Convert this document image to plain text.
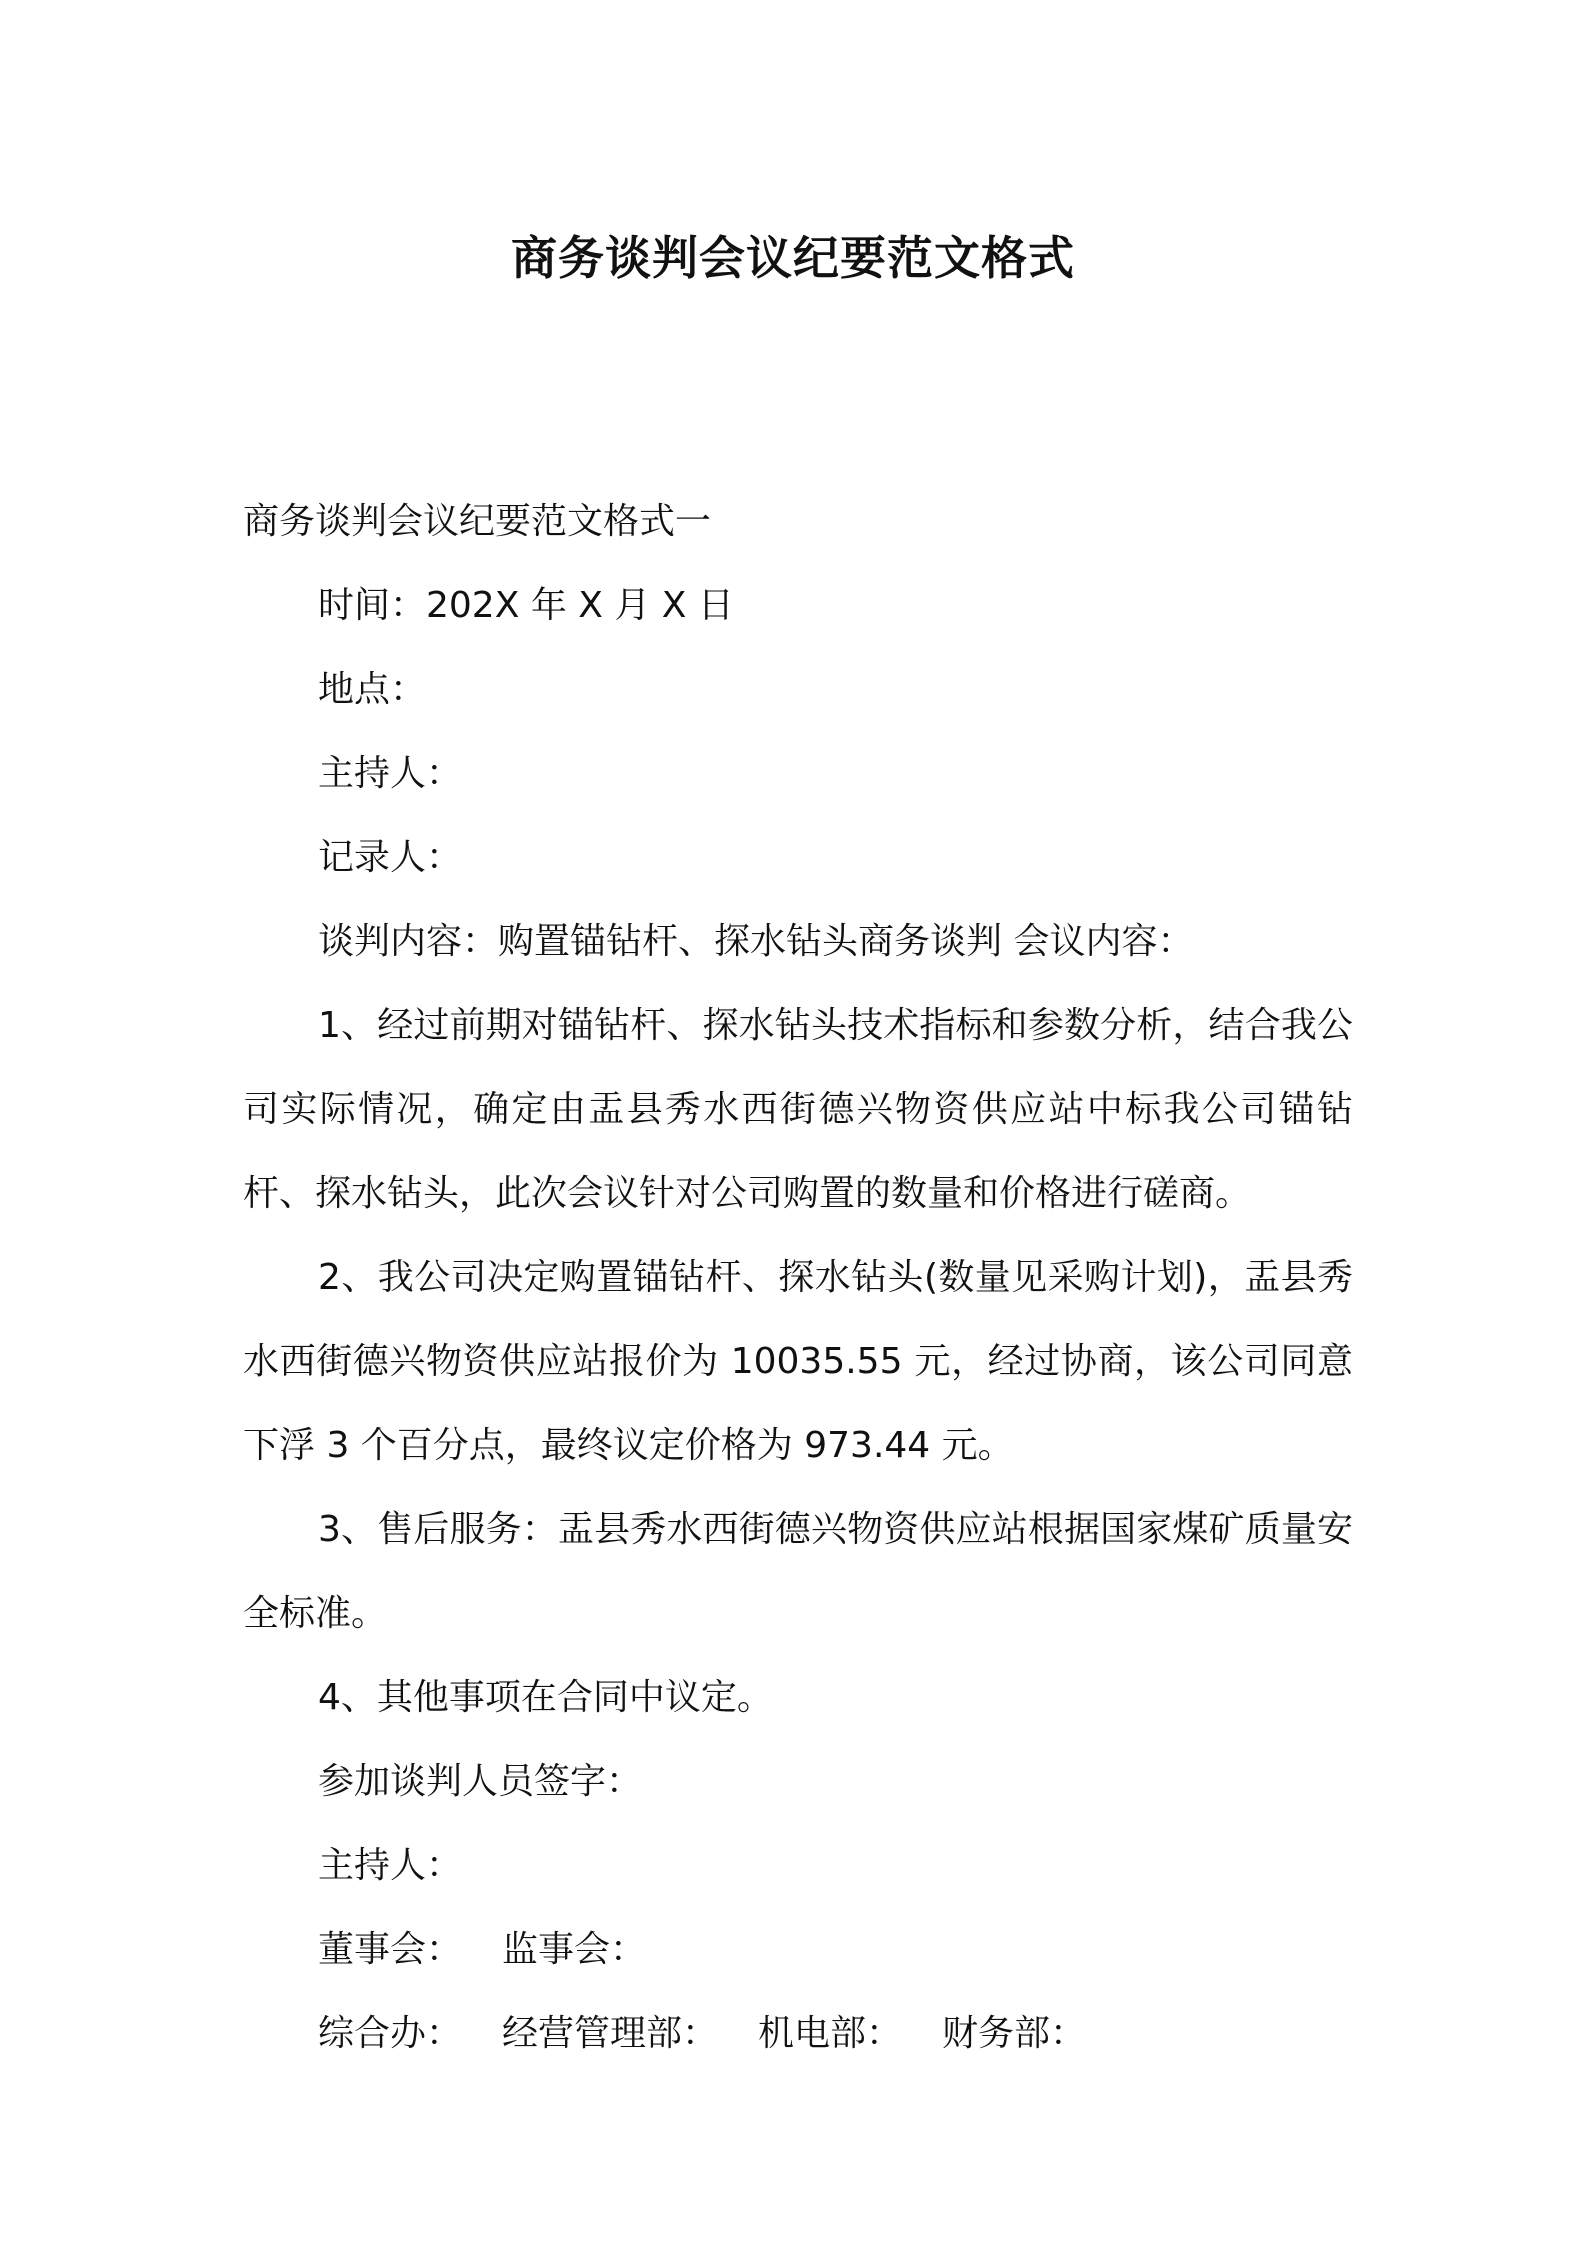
商务谈判会议纪要范文格式
商务谈判会议纪要范文格式一
时间：202X 年 X 月 X 日
地点：
主持人：
记录人：
谈判内容：购置锚钻杆、探水钻头商务谈判 会议内容：
1、经过前期对锚钻杆、探水钻头技术指标和参数分析，结合我公司实际情况，确定由盂县秀水西街德兴物资供应站中标我公司锚钻杆、探水钻头，此次会议针对公司购置的数量和价格进行磋商。
2、我公司决定购置锚钻杆、探水钻头(数量见采购计划)，盂县秀水西街德兴物资供应站报价为 10035.55 元，经过协商，该公司同意下浮 3 个百分点，最终议定价格为 973.44 元。
3、售后服务：盂县秀水西街德兴物资供应站根据国家煤矿质量安全标准。
4、其他事项在合同中议定。
参加谈判人员签字：
主持人：
董事会： 监事会：
综合办： 经营管理部： 机电部： 财务部：
